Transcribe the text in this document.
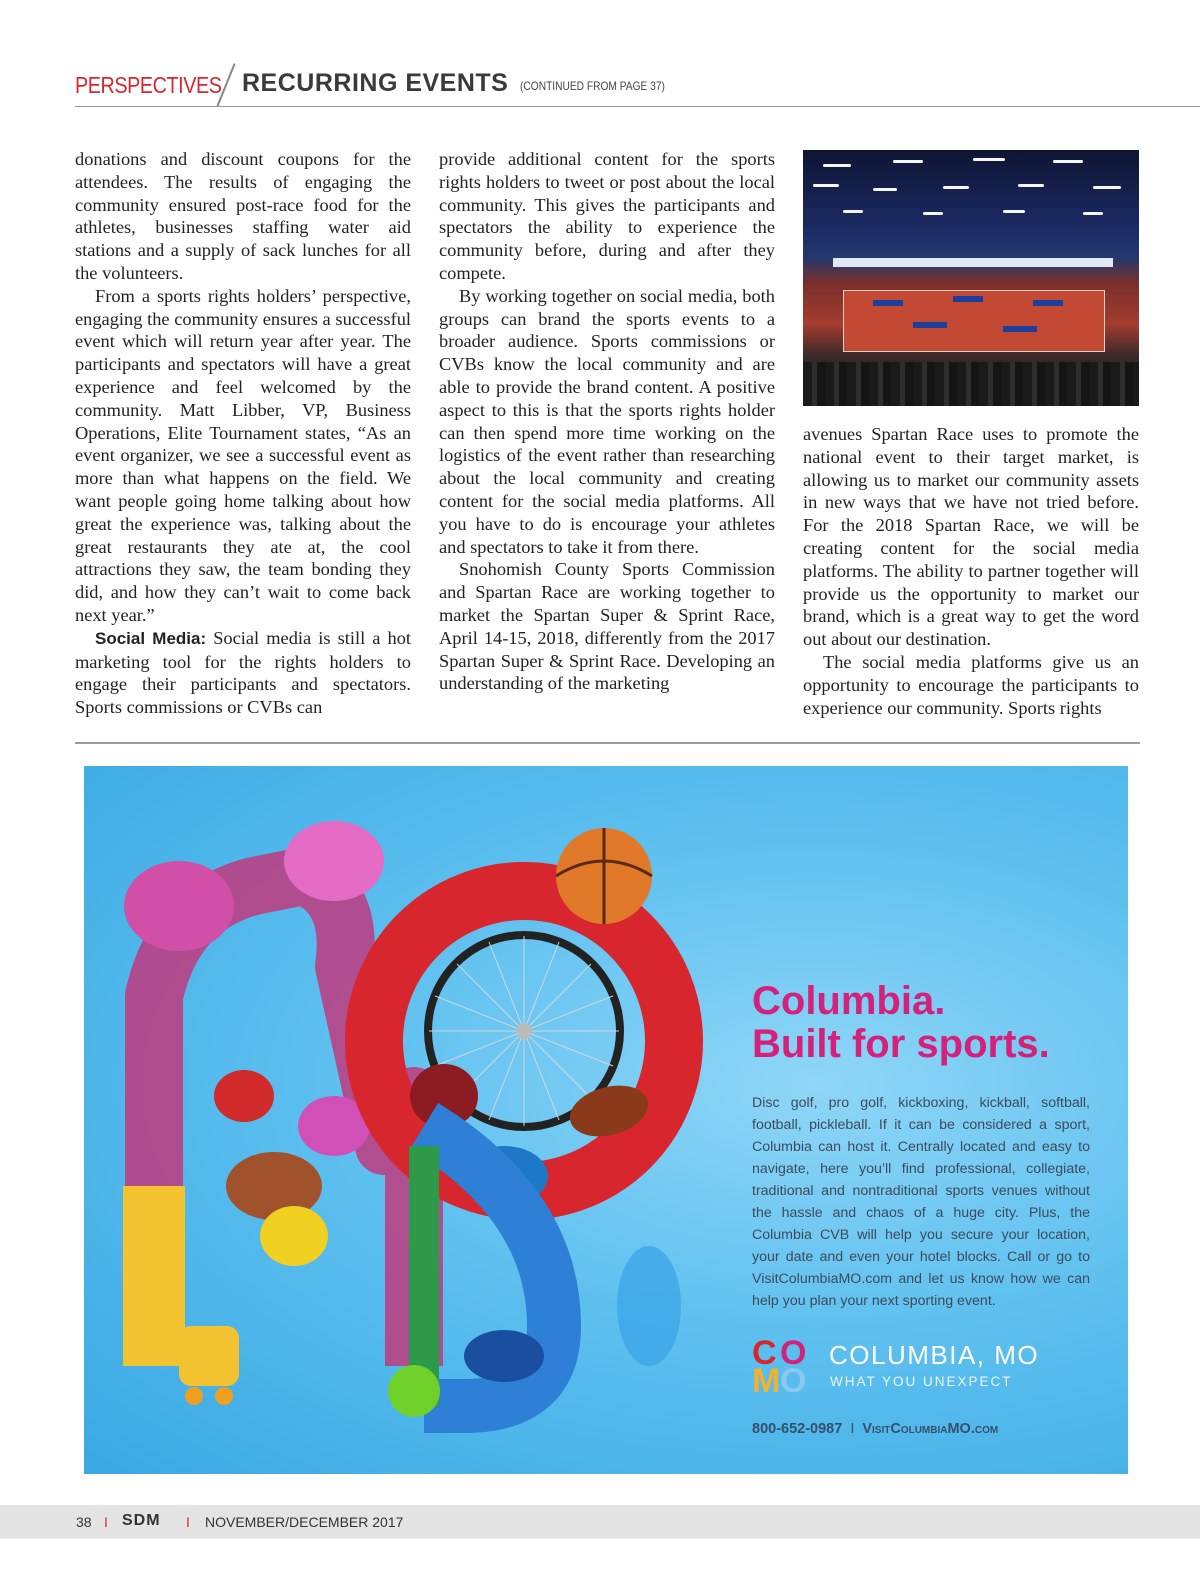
PERSPECTIVES RECURRING EVENTS (CONTINUED FROM PAGE 37)

donations and discount coupons for the attendees. The results of engaging the community ensured post-race food for the athletes, businesses staffing water aid stations and a supply of sack lunches for all the volunteers.

From a sports rights holders’ perspective, engaging the community ensures a successful event which will return year after year. The participants and spectators will have a great experience and feel welcomed by the community. Matt Libber, VP, Business Operations, Elite Tournament states, “As an event organizer, we see a successful event as more than what happens on the field. We want people going home talking about how great the experience was, talking about the great restaurants they ate at, the cool attractions they saw, the team bonding they did, and how they can’t wait to come back next year.”

Social Media: Social media is still a hot marketing tool for the rights holders to engage their participants and spectators. Sports commissions or CVBs can

provide additional content for the sports rights holders to tweet or post about the local community. This gives the participants and spectators the ability to experience the community before, during and after they compete.

By working together on social media, both groups can brand the sports events to a broader audience. Sports commissions or CVBs know the local community and are able to provide the brand content. A positive aspect to this is that the sports rights holder can then spend more time working on the logistics of the event rather than researching about the local community and creating content for the social media platforms. All you have to do is encourage your athletes and spectators to take it from there.

Snohomish County Sports Commission and Spartan Race are working together to market the Spartan Super & Sprint Race, April 14-15, 2018, differently from the 2017 Spartan Super & Sprint Race. Developing an understanding of the marketing

avenues Spartan Race uses to promote the national event to their target market, is allowing us to market our community assets in new ways that we have not tried before. For the 2018 Spartan Race, we will be creating content for the social media platforms. The ability to partner together will provide us the opportunity to market our brand, which is a great way to get the word out about our destination.

The social media platforms give us an opportunity to encourage the participants to experience our community. Sports rights

Columbia.
Built for sports.
Disc golf, pro golf, kickboxing, kickball, softball, football, pickleball. If it can be considered a sport, Columbia can host it. Centrally located and easy to navigate, here you’ll find professional, collegiate, traditional and nontraditional sports venues without the hassle and chaos of a huge city. Plus, the Columbia CVB will help you secure your location, your date and even your hotel blocks. Call or go to VisitColumbiaMO.com and let us know how we can help you plan your next sporting event.
C O
M O
COLUMBIA, MO
WHAT YOU UNEXPECT
800-652-0987 I VisitColumbiaMO.com
38 I SDM I NOVEMBER/DECEMBER 2017
